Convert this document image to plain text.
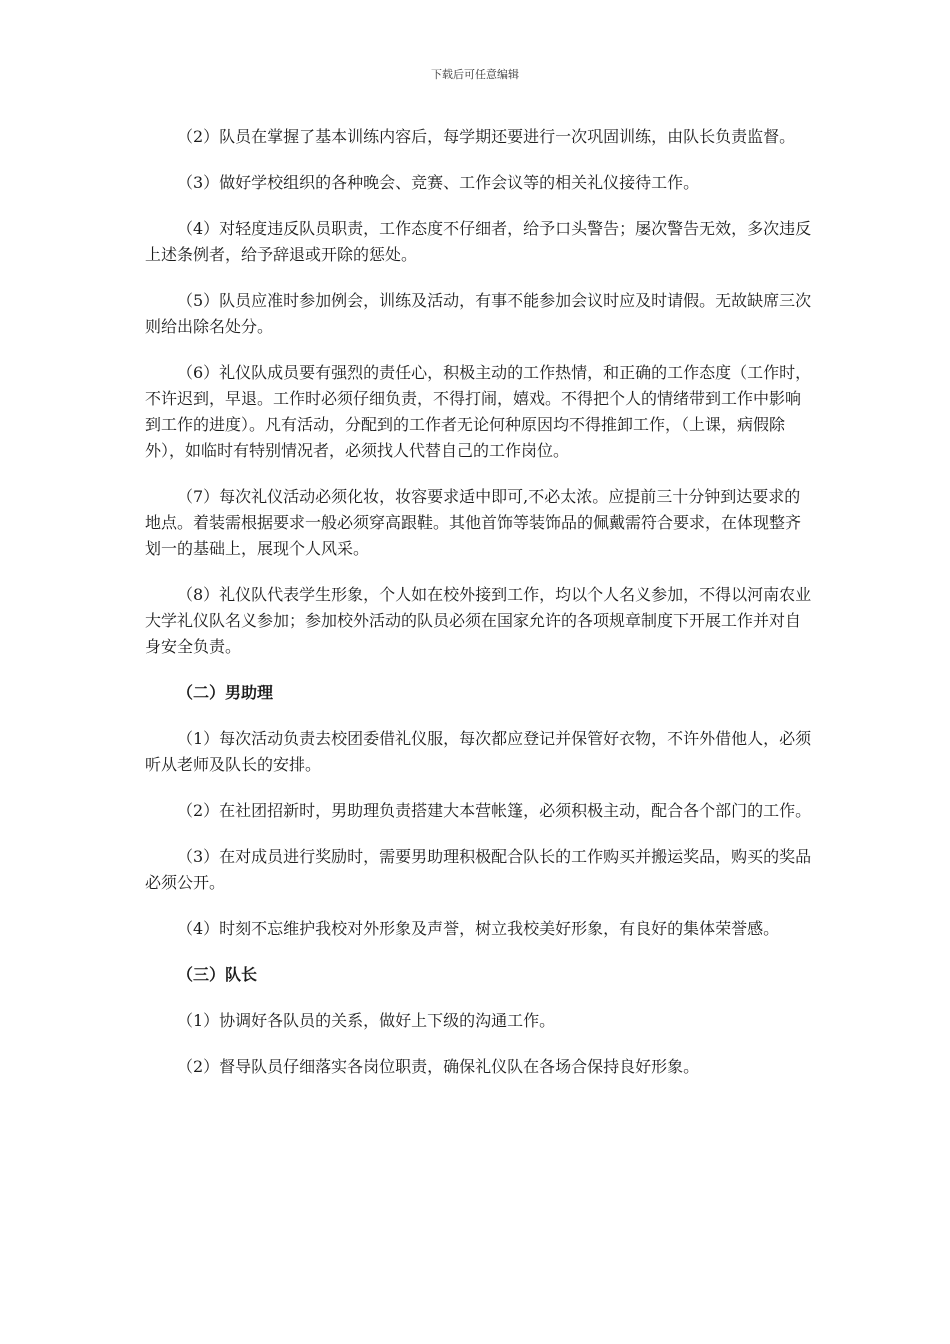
下载后可任意编辑

（2）队员在掌握了基本训练内容后，每学期还要进行一次巩固训练，由队长负责监督。

（3）做好学校组织的各种晚会、竞赛、工作会议等的相关礼仪接待工作。

（4）对轻度违反队员职责，工作态度不仔细者，给予口头警告；屡次警告无效，多次违反上述条例者，给予辞退或开除的惩处。

（5）队员应准时参加例会，训练及活动，有事不能参加会议时应及时请假。无故缺席三次则给出除名处分。

（6）礼仪队成员要有强烈的责任心，积极主动的工作热情，和正确的工作态度（工作时，不许迟到，早退。工作时必须仔细负责，不得打闹，嬉戏。不得把个人的情绪带到工作中影响到工作的进度）。凡有活动，分配到的工作者无论何种原因均不得推卸工作，（上课，病假除外），如临时有特别情况者，必须找人代替自己的工作岗位。

（7）每次礼仪活动必须化妆，妆容要求适中即可,不必太浓。应提前三十分钟到达要求的地点。着装需根据要求一般必须穿高跟鞋。其他首饰等装饰品的佩戴需符合要求，在体现整齐划一的基础上，展现个人风采。

（8）礼仪队代表学生形象，个人如在校外接到工作，均以个人名义参加，不得以河南农业大学礼仪队名义参加；参加校外活动的队员必须在国家允许的各项规章制度下开展工作并对自身安全负责。

（二）男助理

（1）每次活动负责去校团委借礼仪服，每次都应登记并保管好衣物，不许外借他人，必须听从老师及队长的安排。

（2）在社团招新时，男助理负责搭建大本营帐篷，必须积极主动，配合各个部门的工作。

（3）在对成员进行奖励时，需要男助理积极配合队长的工作购买并搬运奖品，购买的奖品必须公开。

（4）时刻不忘维护我校对外形象及声誉，树立我校美好形象，有良好的集体荣誉感。

（三）队长

（1）协调好各队员的关系，做好上下级的沟通工作。

（2）督导队员仔细落实各岗位职责，确保礼仪队在各场合保持良好形象。
